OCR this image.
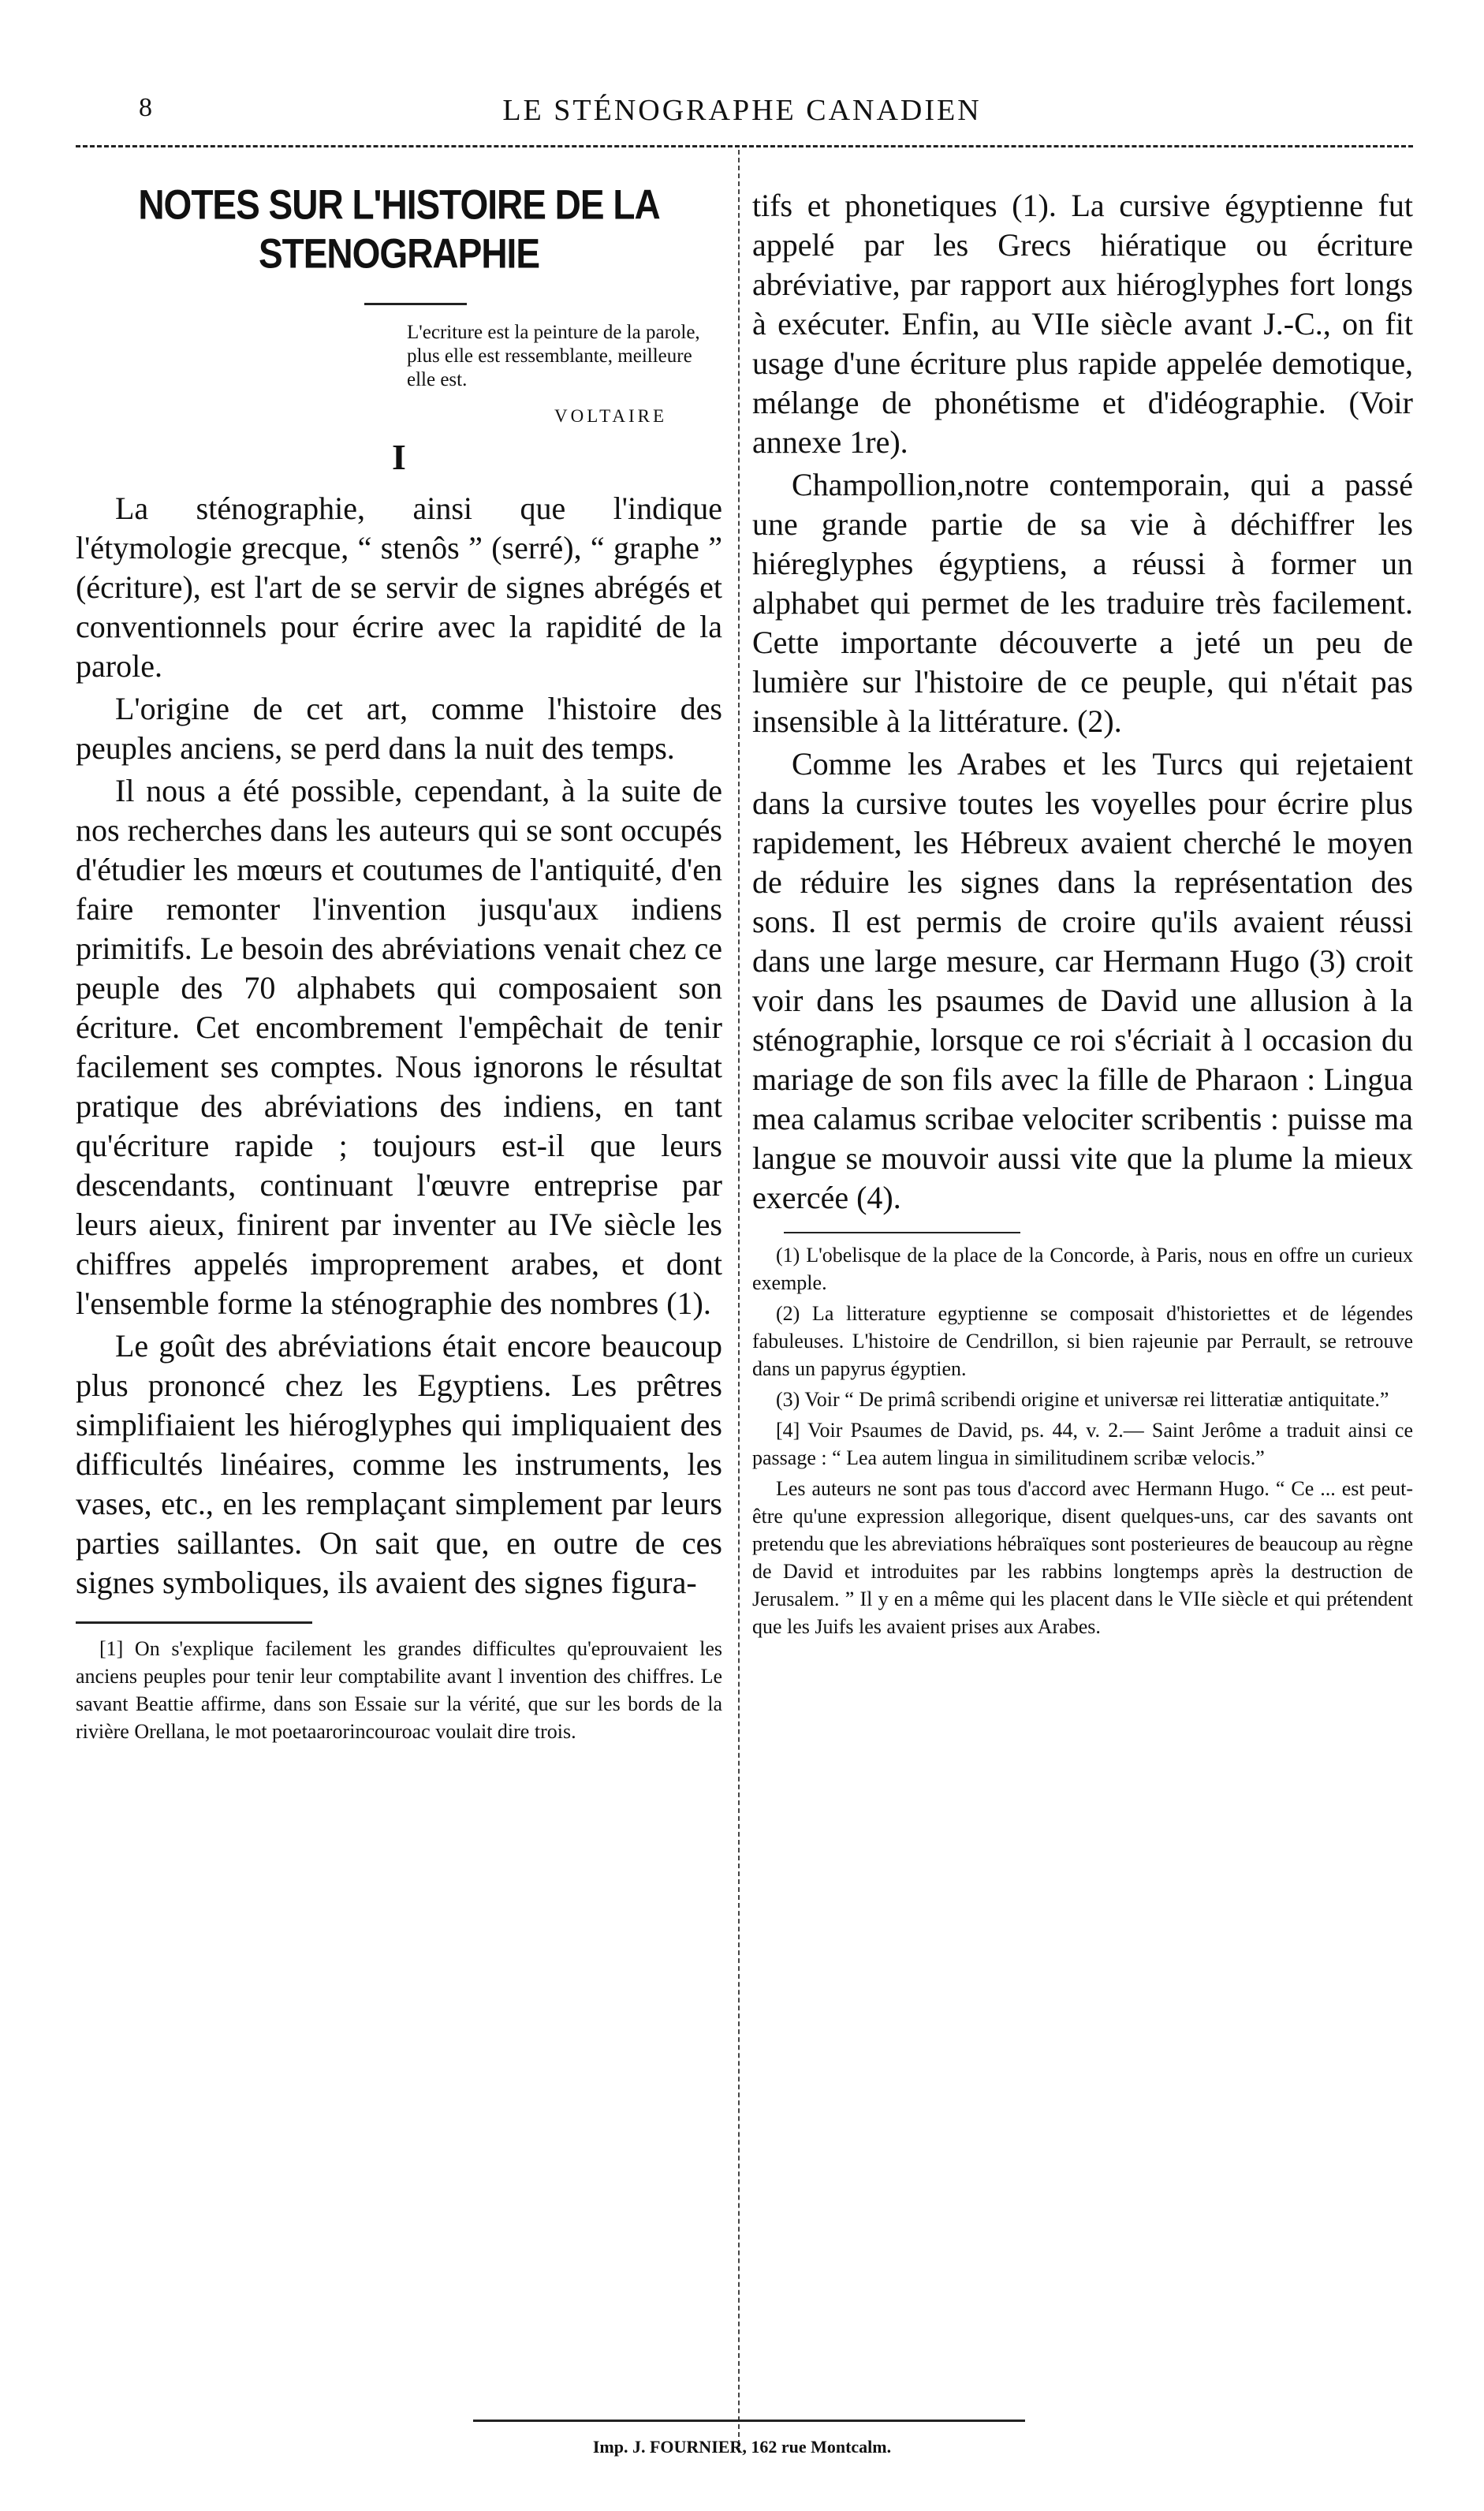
8	LE STÉNOGRAPHE CANADIEN
NOTES SUR L'HISTOIRE DE LA STENOGRAPHIE
L'ecriture est la peinture de la parole, plus elle est ressemblante, meilleure elle est.
VOLTAIRE
I

La sténographie, ainsi que l'indique l'étymologie grecque, “ stenôs ” (serré), “ graphe ” (écriture), est l'art de se servir de signes abrégés et conventionnels pour écrire avec la rapidité de la parole.

L'origine de cet art, comme l'histoire des peuples anciens, se perd dans la nuit des temps.

Il nous a été possible, cependant, à la suite de nos recherches dans les auteurs qui se sont occupés d'étudier les mœurs et coutumes de l'antiquité, d'en faire remonter l'invention jusqu'aux indiens primitifs. Le besoin des abréviations venait chez ce peuple des 70 alphabets qui composaient son écriture. Cet encombrement l'empêchait de tenir facilement ses comptes. Nous ignorons le résultat pratique des abréviations des indiens, en tant qu'écriture rapide ; toujours est-il que leurs descendants, continuant l'œuvre entreprise par leurs aieux, finirent par inventer au IVe siècle les chiffres appelés improprement arabes, et dont l'ensemble forme la sténographie des nombres (1).

Le goût des abréviations était encore beaucoup plus prononcé chez les Egyptiens. Les prêtres simplifiaient les hiéroglyphes qui impliquaient des difficultés linéaires, comme les instruments, les vases, etc., en les remplaçant simplement par leurs parties saillantes. On sait que, en outre de ces signes symboliques, ils avaient des signes figura-

[1] On s'explique facilement les grandes difficultes qu'eprouvaient les anciens peuples pour tenir leur comptabilite avant l invention des chiffres. Le savant Beattie affirme, dans son Essaie sur la vérité, que sur les bords de la rivière Orellana, le mot poetaarorincouroac voulait dire trois.

tifs et phonetiques (1). La cursive égyptienne fut appelé par les Grecs hiératique ou écriture abréviative, par rapport aux hiéroglyphes fort longs à exécuter. Enfin, au VIIe siècle avant J.-C., on fit usage d'une écriture plus rapide appelée demotique, mélange de phonétisme et d'idéographie. (Voir annexe 1re).

Champollion,notre contemporain, qui a passé une grande partie de sa vie à déchiffrer les hiéreglyphes égyptiens, a réussi à former un alphabet qui permet de les traduire très facilement. Cette importante découverte a jeté un peu de lumière sur l'histoire de ce peuple, qui n'était pas insensible à la littérature. (2).

Comme les Arabes et les Turcs qui rejetaient dans la cursive toutes les voyelles pour écrire plus rapidement, les Hébreux avaient cherché le moyen de réduire les signes dans la représentation des sons. Il est permis de croire qu'ils avaient réussi dans une large mesure, car Hermann Hugo (3) croit voir dans les psaumes de David une allusion à la sténographie, lorsque ce roi s'écriait à l occasion du mariage de son fils avec la fille de Pharaon : Lingua mea calamus scribae velociter scribentis : puisse ma langue se mouvoir aussi vite que la plume la mieux exercée (4).

(1) L'obelisque de la place de la Concorde, à Paris, nous en offre un curieux exemple.

(2) La litterature egyptienne se composait d'historiettes et de légendes fabuleuses. L'histoire de Cendrillon, si bien rajeunie par Perrault, se retrouve dans un papyrus égyptien.

(3) Voir “ De primâ scribendi origine et universæ rei litteratiæ antiquitate.”

[4] Voir Psaumes de David, ps. 44, v. 2.— Saint Jerôme a traduit ainsi ce passage : “ Lea autem lingua in similitudinem scribæ velocis.”

Les auteurs ne sont pas tous d'accord avec Hermann Hugo. “ Ce ... est peut-être qu'une expression allegorique, disent quelques-uns, car des savants ont pretendu que les abreviations hébraïques sont posterieures de beaucoup au règne de David et introduites par les rabbins longtemps après la destruction de Jerusalem. ” Il y en a même qui les placent dans le VIIe siècle et qui prétendent que les Juifs les avaient prises aux Arabes.

Imp. J. FOURNIER, 162 rue Montcalm.
